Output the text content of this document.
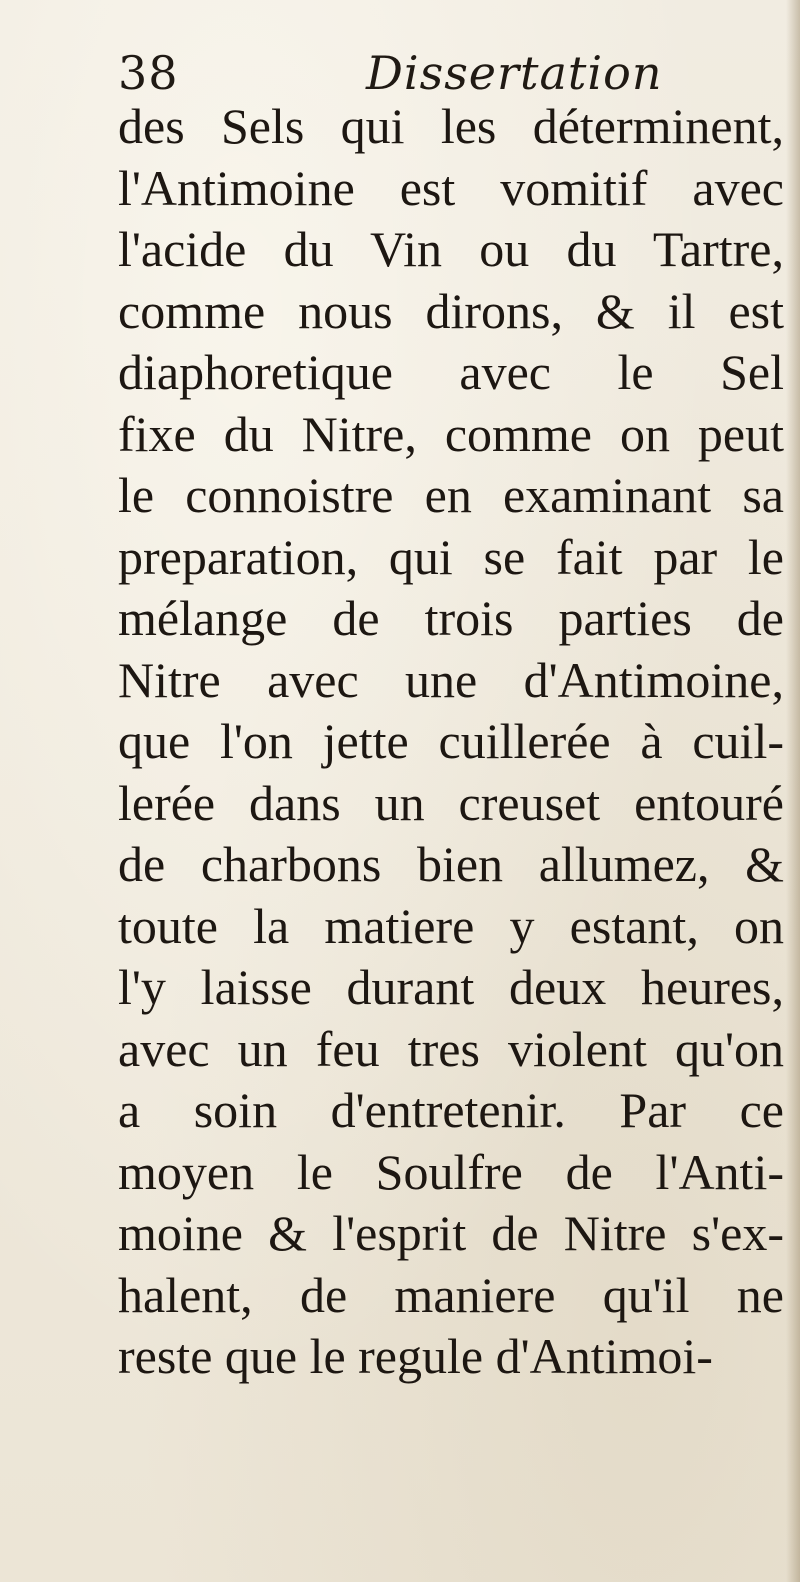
38	Dissertation
des Sels qui les déterminent,
l'Antimoine est vomitif avec
l'acide du Vin ou du Tartre,
comme nous dirons, & il est
diaphoretique avec le Sel
fixe du Nitre, comme on peut
le connoistre en examinant sa
preparation, qui se fait par le
mélange de trois parties de
Nitre avec une d'Antimoine,
que l'on jette cuillerée à cuil-
lerée dans un creuset entouré
de charbons bien allumez, &
toute la matiere y estant, on
l'y laisse durant deux heures,
avec un feu tres violent qu'on
a soin d'entretenir. Par ce
moyen le Soulfre de l'Anti-
moine & l'esprit de Nitre s'ex-
halent, de maniere qu'il ne
reste que le regule d'Antimoi-
